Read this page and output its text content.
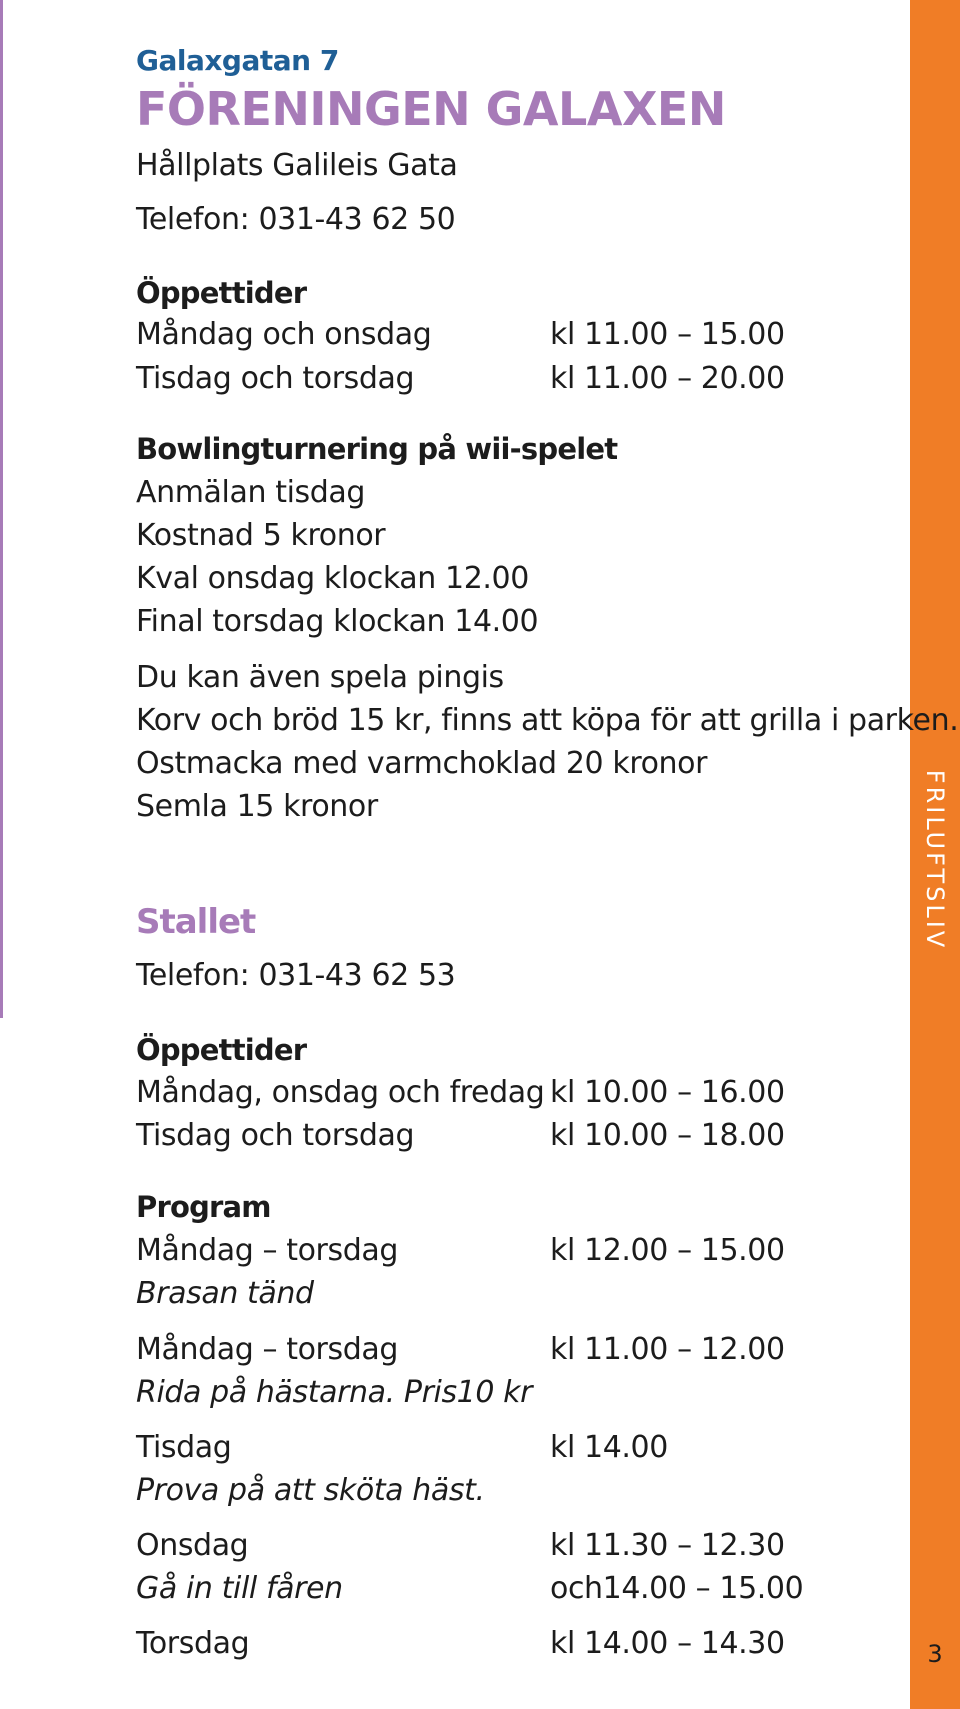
FRILUFTSLIV
3
Galaxgatan 7
FÖRENINGEN GALAXEN
Hållplats Galileis Gata
Telefon: 031-43 62 50
Öppettider
Måndag och onsdag	kl 11.00 – 15.00
Tisdag och torsdag	kl 11.00 – 20.00
Bowlingturnering på wii-spelet
Anmälan tisdag
Kostnad 5 kronor
Kval onsdag klockan 12.00
Final torsdag klockan 14.00
Du kan även spela pingis
Korv och bröd 15 kr, finns att köpa för att grilla i parken.
Ostmacka med varmchoklad 20 kronor
Semla 15 kronor
Stallet
Telefon: 031-43 62 53
Öppettider
Måndag, onsdag och fredag kl 10.00 – 16.00
Tisdag och torsdag	kl 10.00 – 18.00
Program
Måndag – torsdag	kl 12.00 – 15.00
Brasan tänd
Måndag – torsdag	kl 11.00 – 12.00
Rida på hästarna. Pris10 kr
Tisdag	kl 14.00
Prova på att sköta häst.
Onsdag	kl 11.30 – 12.30
Gå in till fåren	och14.00 – 15.00
Torsdag	kl 14.00 – 14.30
